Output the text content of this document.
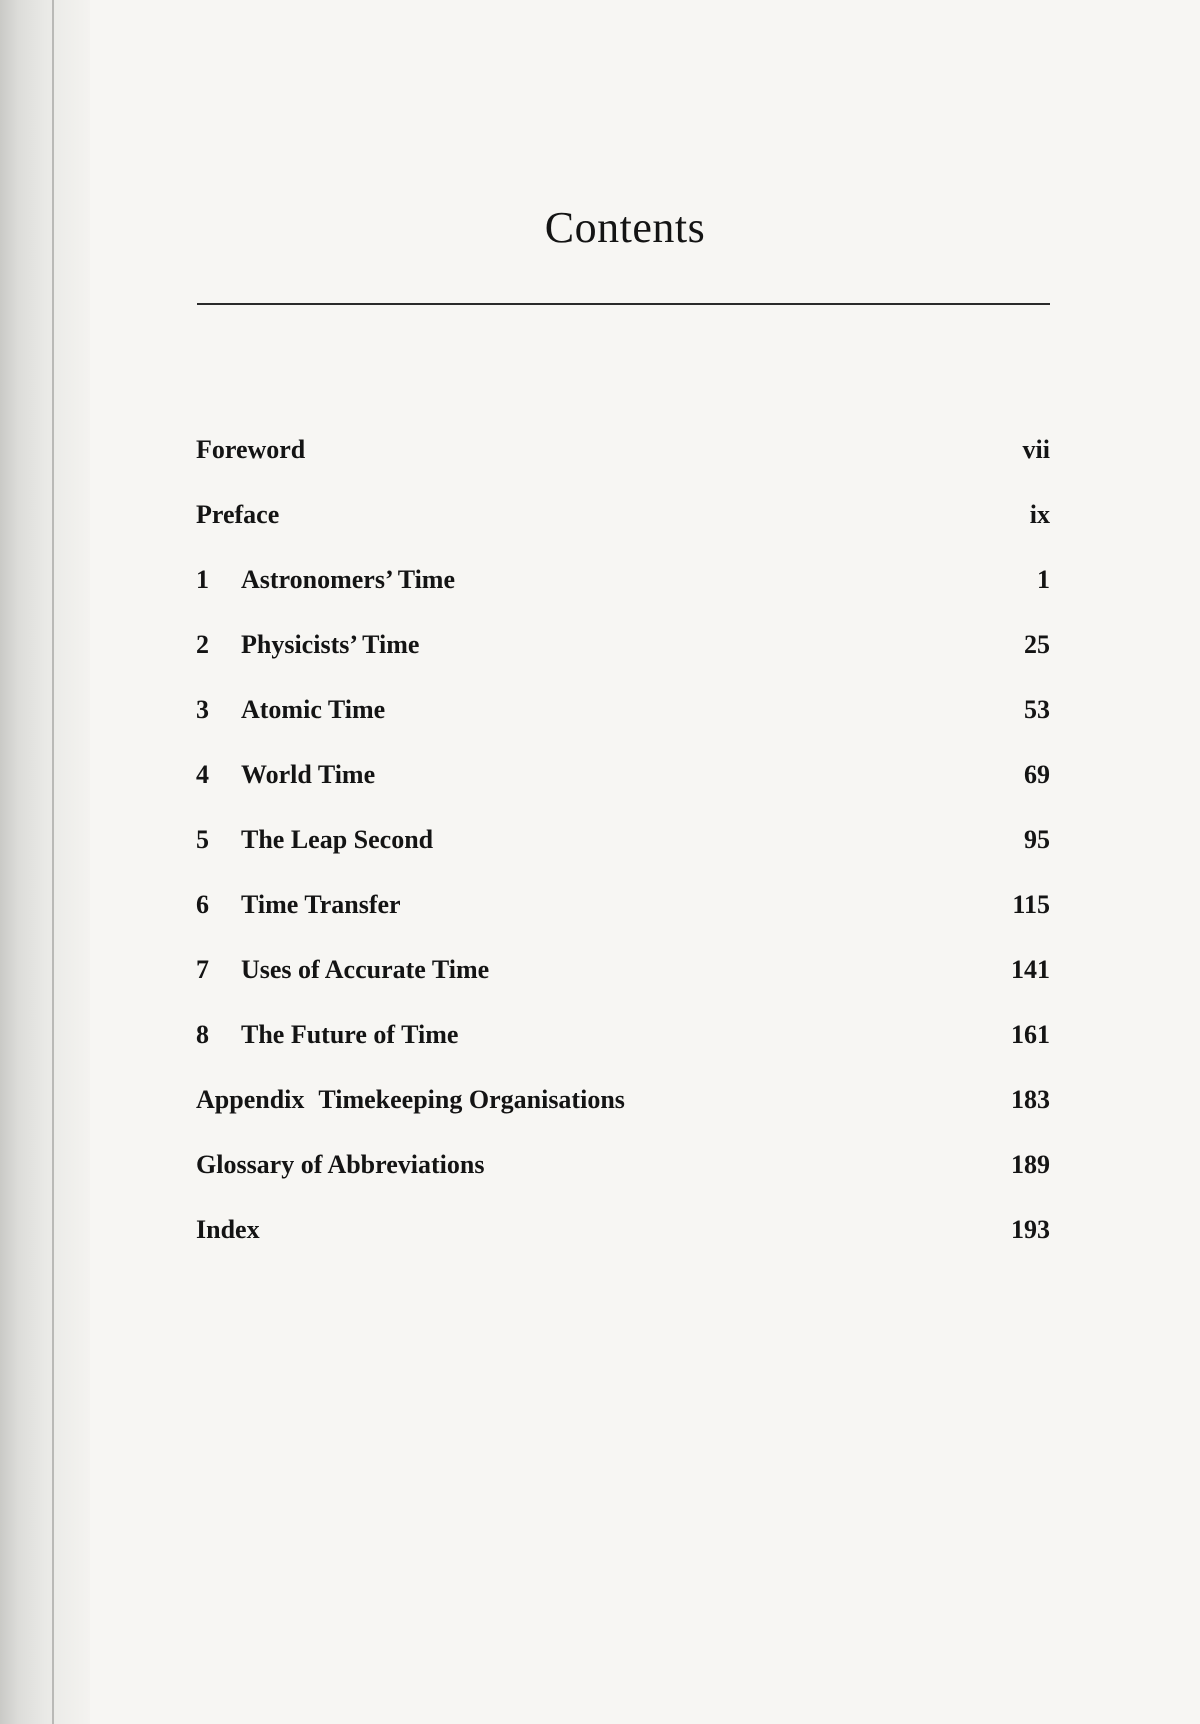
Contents
Foreword	vii
Preface	ix
1 Astronomers’ Time	1
2 Physicists’ Time	25
3 Atomic Time	53
4 World Time	69
5 The Leap Second	95
6 Time Transfer	115
7 Uses of Accurate Time	141
8 The Future of Time	161
Appendix Timekeeping Organisations	183
Glossary of Abbreviations	189
Index	193
